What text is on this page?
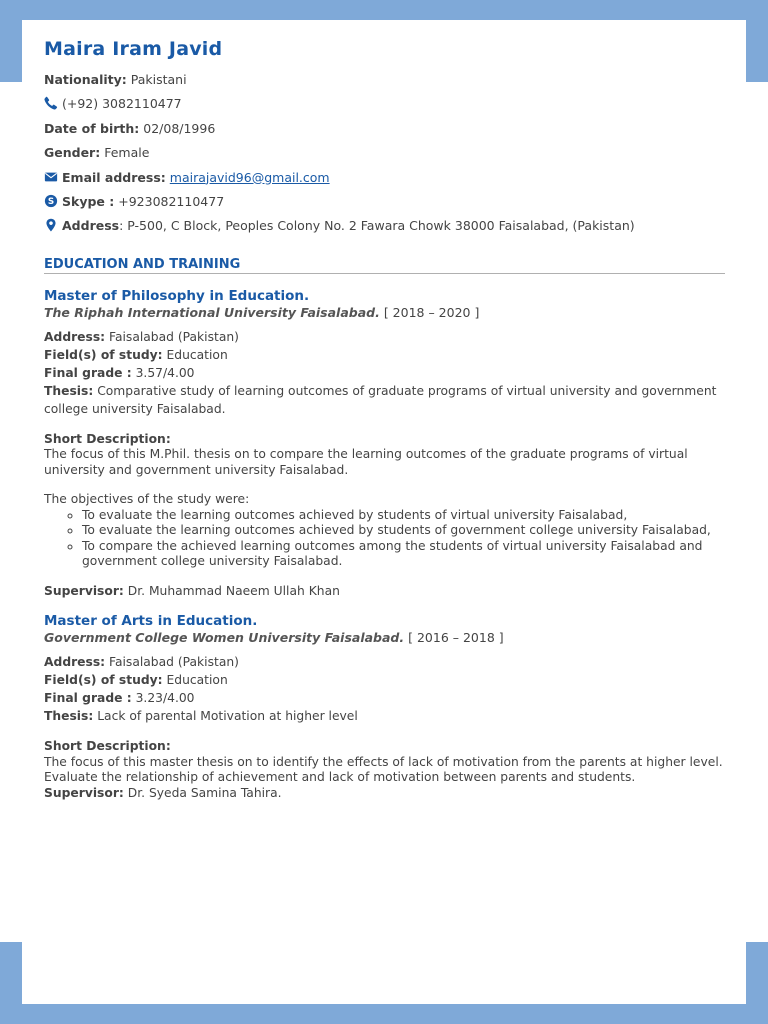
Maira Iram Javid
Nationality: Pakistani
(+92) 3082110477
Date of birth: 02/08/1996
Gender: Female
Email address: mairajavid96@gmail.com
S Skype : +923082110477
Address: P-500, C Block, Peoples Colony No. 2 Fawara Chowk 38000 Faisalabad, (Pakistan)
EDUCATION AND TRAINING
Master of Philosophy in Education.
The Riphah International University Faisalabad. [ 2018 – 2020 ]
Address: Faisalabad (Pakistan)
Field(s) of study: Education
Final grade : 3.57/4.00
Thesis: Comparative study of learning outcomes of graduate programs of virtual university and government college university Faisalabad.
Short Description:
The focus of this M.Phil. thesis on to compare the learning outcomes of the graduate programs of virtual university and government university Faisalabad.
The objectives of the study were:
◦ To evaluate the learning outcomes achieved by students of virtual university Faisalabad,
◦ To evaluate the learning outcomes achieved by students of government college university Faisalabad,
◦ To compare the achieved learning outcomes among the students of virtual university Faisalabad and government college university Faisalabad.
Supervisor: Dr. Muhammad Naeem Ullah Khan
Master of Arts in Education.
Government College Women University Faisalabad. [ 2016 – 2018 ]
Address: Faisalabad (Pakistan)
Field(s) of study: Education
Final grade : 3.23/4.00
Thesis: Lack of parental Motivation at higher level
Short Description:
The focus of this master thesis on to identify the effects of lack of motivation from the parents at higher level. Evaluate the relationship of achievement and lack of motivation between parents and students.
Supervisor: Dr. Syeda Samina Tahira.
